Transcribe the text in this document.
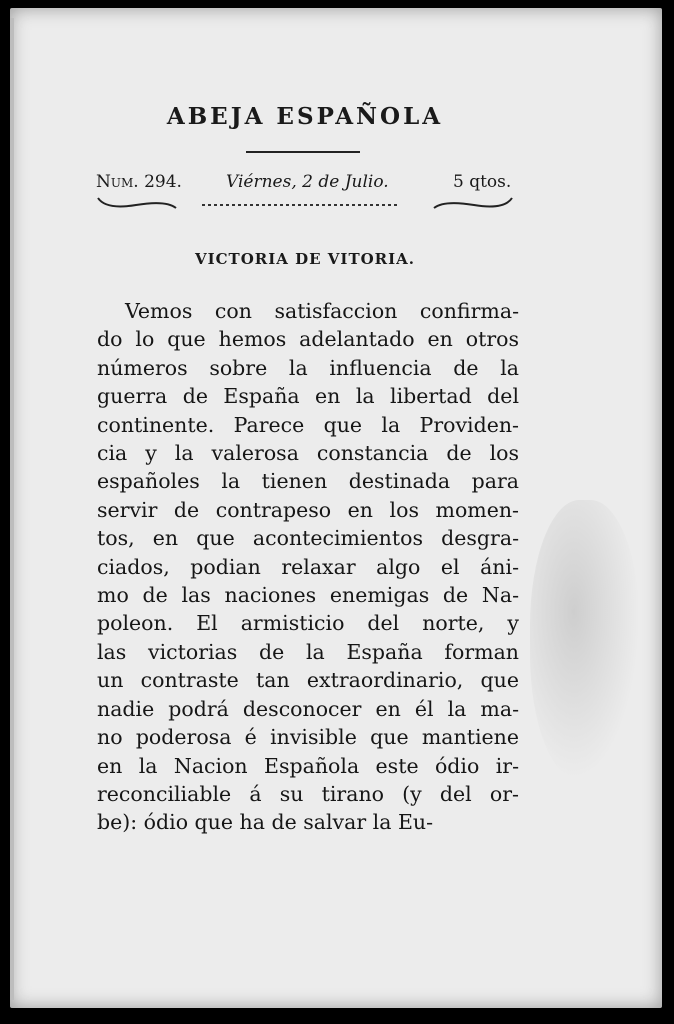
ABEJA ESPAÑOLA
Num. 294.	Viérnes, 2 de Julio.	5 qtos.
VICTORIA DE VITORIA.
Vemos con satisfaccion confirma-
do lo que hemos adelantado en otros
números sobre la influencia de la
guerra de España en la libertad del
continente. Parece que la Providen-
cia y la valerosa constancia de los
españoles la tienen destinada para
servir de contrapeso en los momen-
tos, en que acontecimientos desgra-
ciados, podian relaxar algo el áni-
mo de las naciones enemigas de Na-
poleon. El armisticio del norte, y
las victorias de la España forman
un contraste tan extraordinario, que
nadie podrá desconocer en él la ma-
no poderosa é invisible que mantiene
en la Nacion Española este ódio ir-
reconciliable á su tirano (y del or-
be): ódio que ha de salvar la Eu-
